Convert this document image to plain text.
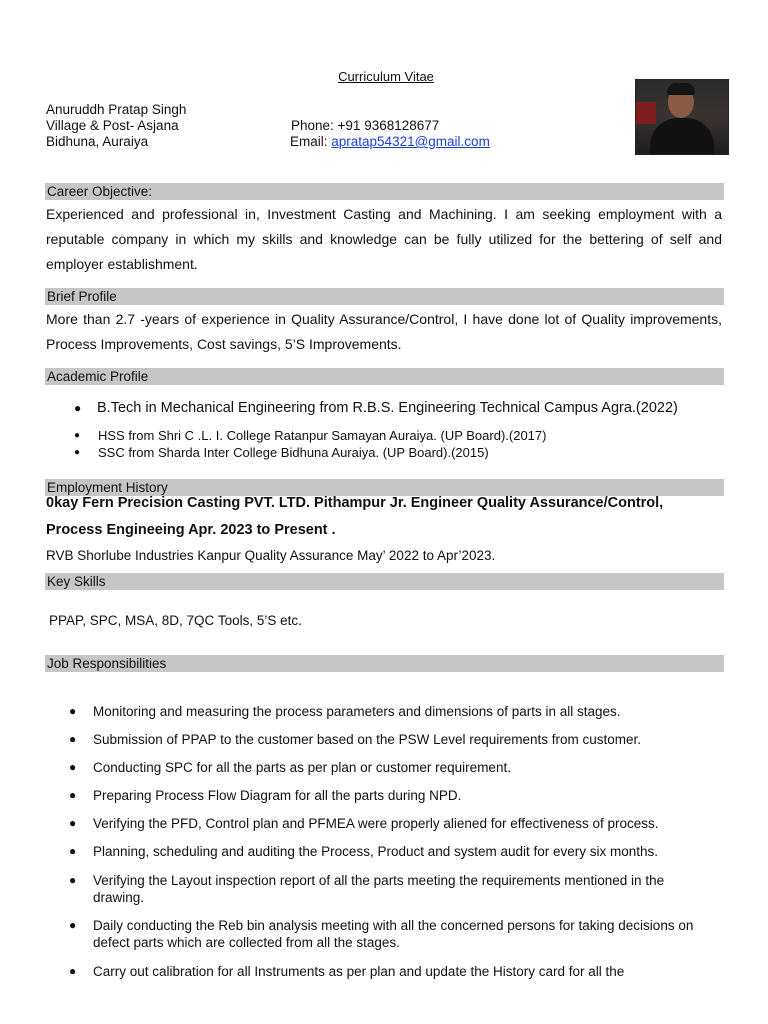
Curriculum Vitae
Anuruddh Pratap Singh
Village & Post- Asjana
Bidhuna, Auraiya
Phone: +91 9368128677
Email: apratap54321@gmail.com
Career Objective:
Experienced and professional in, Investment Casting and Machining. I am seeking employment with a reputable company in which my skills and knowledge can be fully utilized for the bettering of self and employer establishment.
Brief Profile
More than 2.7 -years of experience in Quality Assurance/Control, I have done lot of Quality improvements, Process Improvements, Cost savings, 5’S Improvements.
Academic Profile
● B.Tech in Mechanical Engineering from R.B.S. Engineering Technical Campus Agra.(2022)
● HSS from Shri C .L. I. College Ratanpur Samayan Auraiya. (UP Board).(2017)
● SSC from Sharda Inter College Bidhuna Auraiya. (UP Board).(2015)
Employment History
0kay Fern Precision Casting PVT. LTD. Pithampur Jr. Engineer Quality Assurance/Control,
Process Engineeing Apr. 2023 to Present .
RVB Shorlube Industries Kanpur Quality Assurance May’ 2022 to Apr’2023.
Key Skills
PPAP, SPC, MSA, 8D, 7QC Tools, 5’S etc.
Job Responsibilities
● Monitoring and measuring the process parameters and dimensions of parts in all stages.
● Submission of PPAP to the customer based on the PSW Level requirements from customer.
● Conducting SPC for all the parts as per plan or customer requirement.
● Preparing Process Flow Diagram for all the parts during NPD.
● Verifying the PFD, Control plan and PFMEA were properly aliened for effectiveness of process.
● Planning, scheduling and auditing the Process, Product and system audit for every six months.
● Verifying the Layout inspection report of all the parts meeting the requirements mentioned in the drawing.
● Daily conducting the Reb bin analysis meeting with all the concerned persons for taking decisions on defect parts which are collected from all the stages.
● Carry out calibration for all Instruments as per plan and update the History card for all the
